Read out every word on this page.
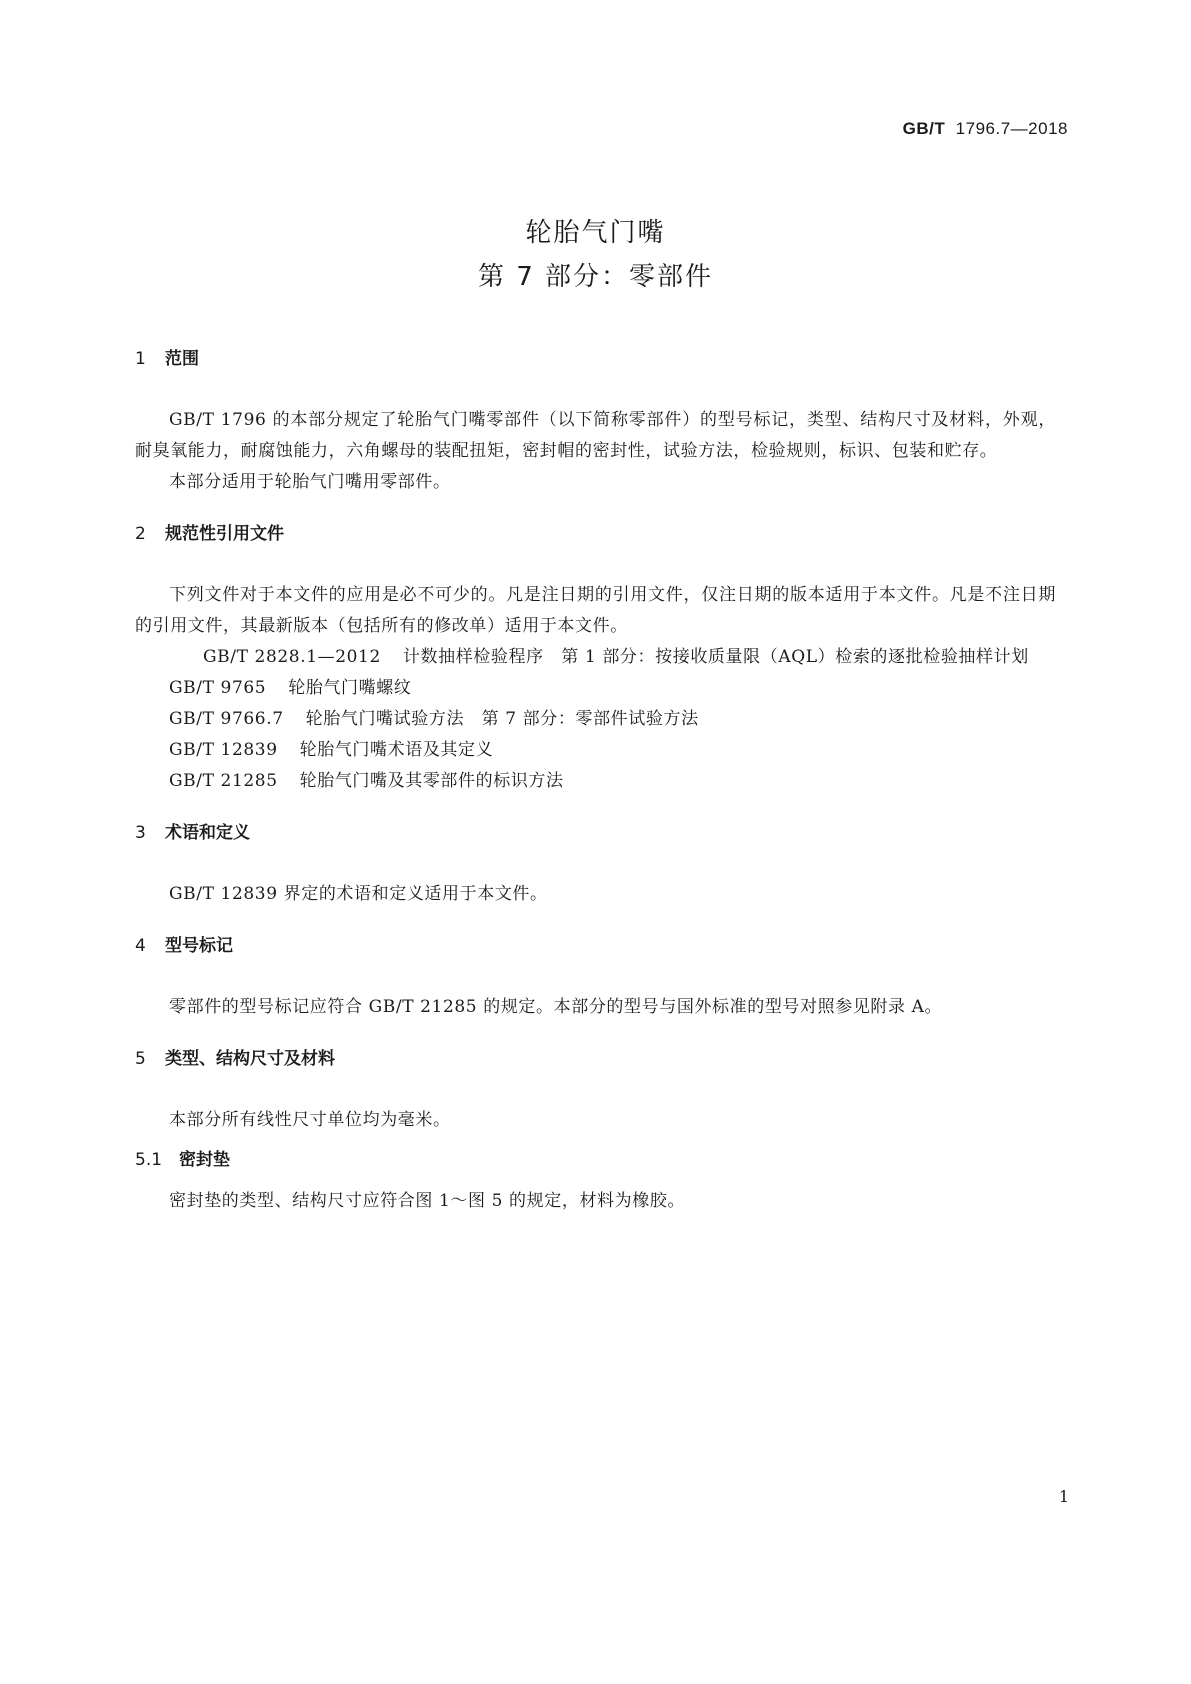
GB/T 1796.7—2018
轮胎气门嘴
第 7 部分：零部件
1 范围
GB/T 1796 的本部分规定了轮胎气门嘴零部件（以下简称零部件）的型号标记，类型、结构尺寸及材料，外观，耐臭氧能力，耐腐蚀能力，六角螺母的装配扭矩，密封帽的密封性，试验方法，检验规则，标识、包装和贮存。
本部分适用于轮胎气门嘴用零部件。
2 规范性引用文件
下列文件对于本文件的应用是必不可少的。凡是注日期的引用文件，仅注日期的版本适用于本文件。凡是不注日期的引用文件，其最新版本（包括所有的修改单）适用于本文件。
GB/T 2828.1—2012 计数抽样检验程序　第 1 部分：按接收质量限（AQL）检索的逐批检验抽样计划
GB/T 9765 轮胎气门嘴螺纹
GB/T 9766.7 轮胎气门嘴试验方法　第 7 部分：零部件试验方法
GB/T 12839 轮胎气门嘴术语及其定义
GB/T 21285 轮胎气门嘴及其零部件的标识方法
3 术语和定义
GB/T 12839 界定的术语和定义适用于本文件。
4 型号标记
零部件的型号标记应符合 GB/T 21285 的规定。本部分的型号与国外标准的型号对照参见附录 A。
5 类型、结构尺寸及材料
本部分所有线性尺寸单位均为毫米。
5.1 密封垫
密封垫的类型、结构尺寸应符合图 1～图 5 的规定，材料为橡胶。
1
